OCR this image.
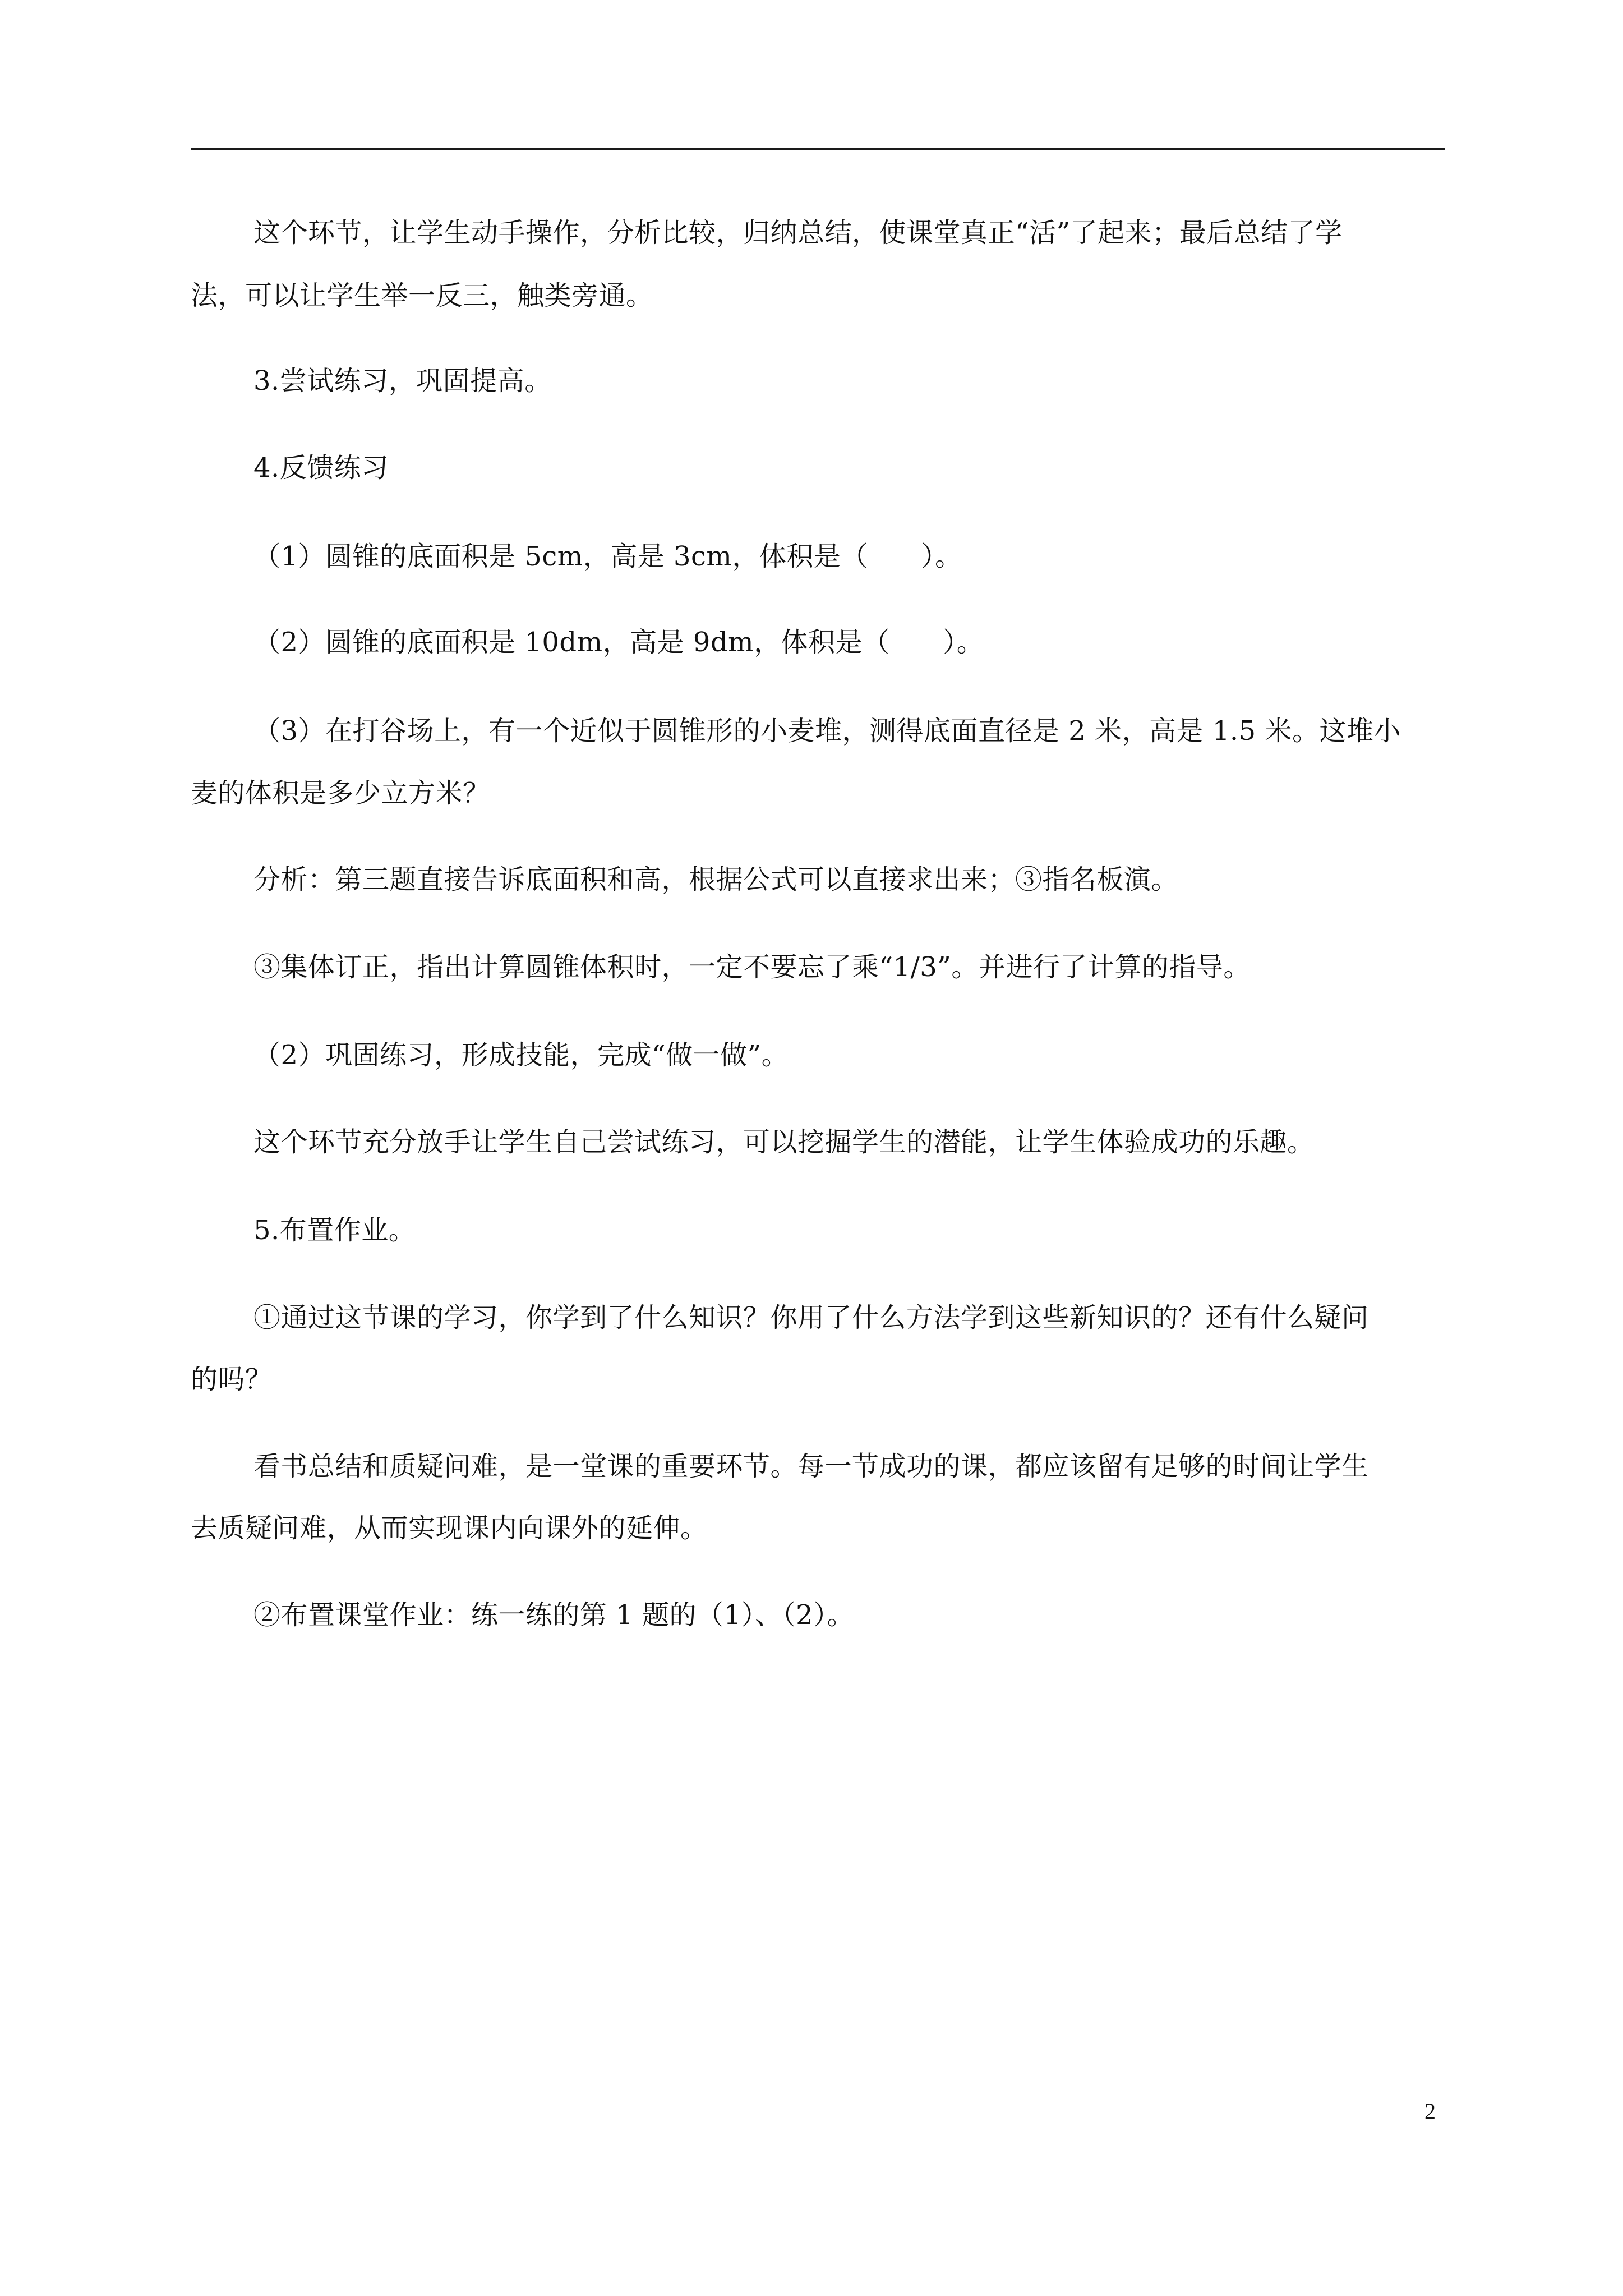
这个环节，让学生动手操作，分析比较，归纳总结，使课堂真正“活”了起来；最后总结了学
法，可以让学生举一反三，触类旁通。
3.尝试练习，巩固提高。
4.反馈练习
（1）圆锥的底面积是 5cm，高是 3cm，体积是（      ）。
（2）圆锥的底面积是 10dm，高是 9dm，体积是（      ）。
（3）在打谷场上，有一个近似于圆锥形的小麦堆，测得底面直径是 2 米，高是 1.5 米。这堆小
麦的体积是多少立方米？
分析：第三题直接告诉底面积和高，根据公式可以直接求出来；③指名板演。
③集体订正，指出计算圆锥体积时，一定不要忘了乘“1/3”。并进行了计算的指导。
（2）巩固练习，形成技能，完成“做一做”。
这个环节充分放手让学生自己尝试练习，可以挖掘学生的潜能，让学生体验成功的乐趣。
5.布置作业。
①通过这节课的学习，你学到了什么知识？你用了什么方法学到这些新知识的？还有什么疑问
的吗？
看书总结和质疑问难，是一堂课的重要环节。每一节成功的课，都应该留有足够的时间让学生
去质疑问难，从而实现课内向课外的延伸。
②布置课堂作业：练一练的第 1 题的（1）、（2）。
2
